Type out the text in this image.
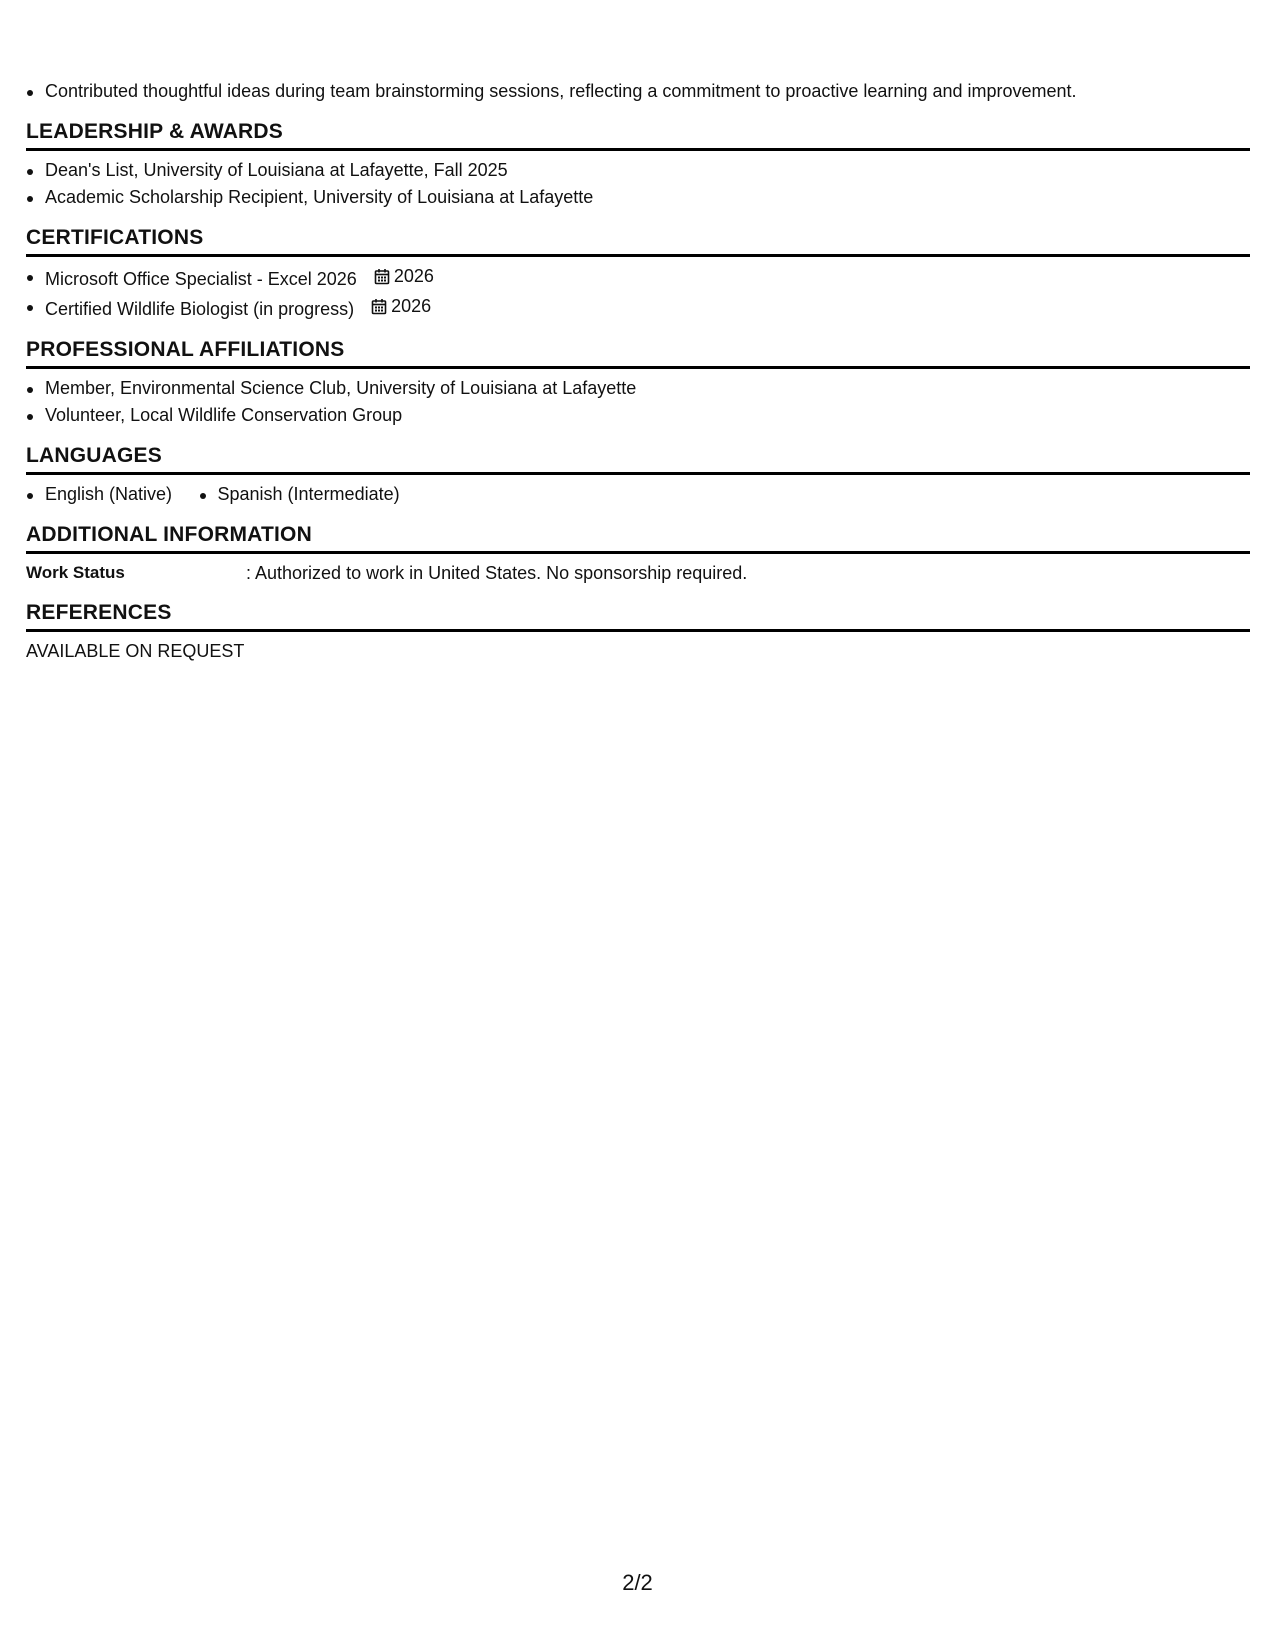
Contributed thoughtful ideas during team brainstorming sessions, reflecting a commitment to proactive learning and improvement.
LEADERSHIP & AWARDS
Dean's List, University of Louisiana at Lafayette, Fall 2025
Academic Scholarship Recipient, University of Louisiana at Lafayette
CERTIFICATIONS
Microsoft Office Specialist - Excel 2026 2026
Certified Wildlife Biologist (in progress) 2026
PROFESSIONAL AFFILIATIONS
Member, Environmental Science Club, University of Louisiana at Lafayette
Volunteer, Local Wildlife Conservation Group
LANGUAGES
English (Native)	Spanish (Intermediate)
ADDITIONAL INFORMATION
Work Status	: Authorized to work in United States. No sponsorship required.
REFERENCES
AVAILABLE ON REQUEST
2/2
